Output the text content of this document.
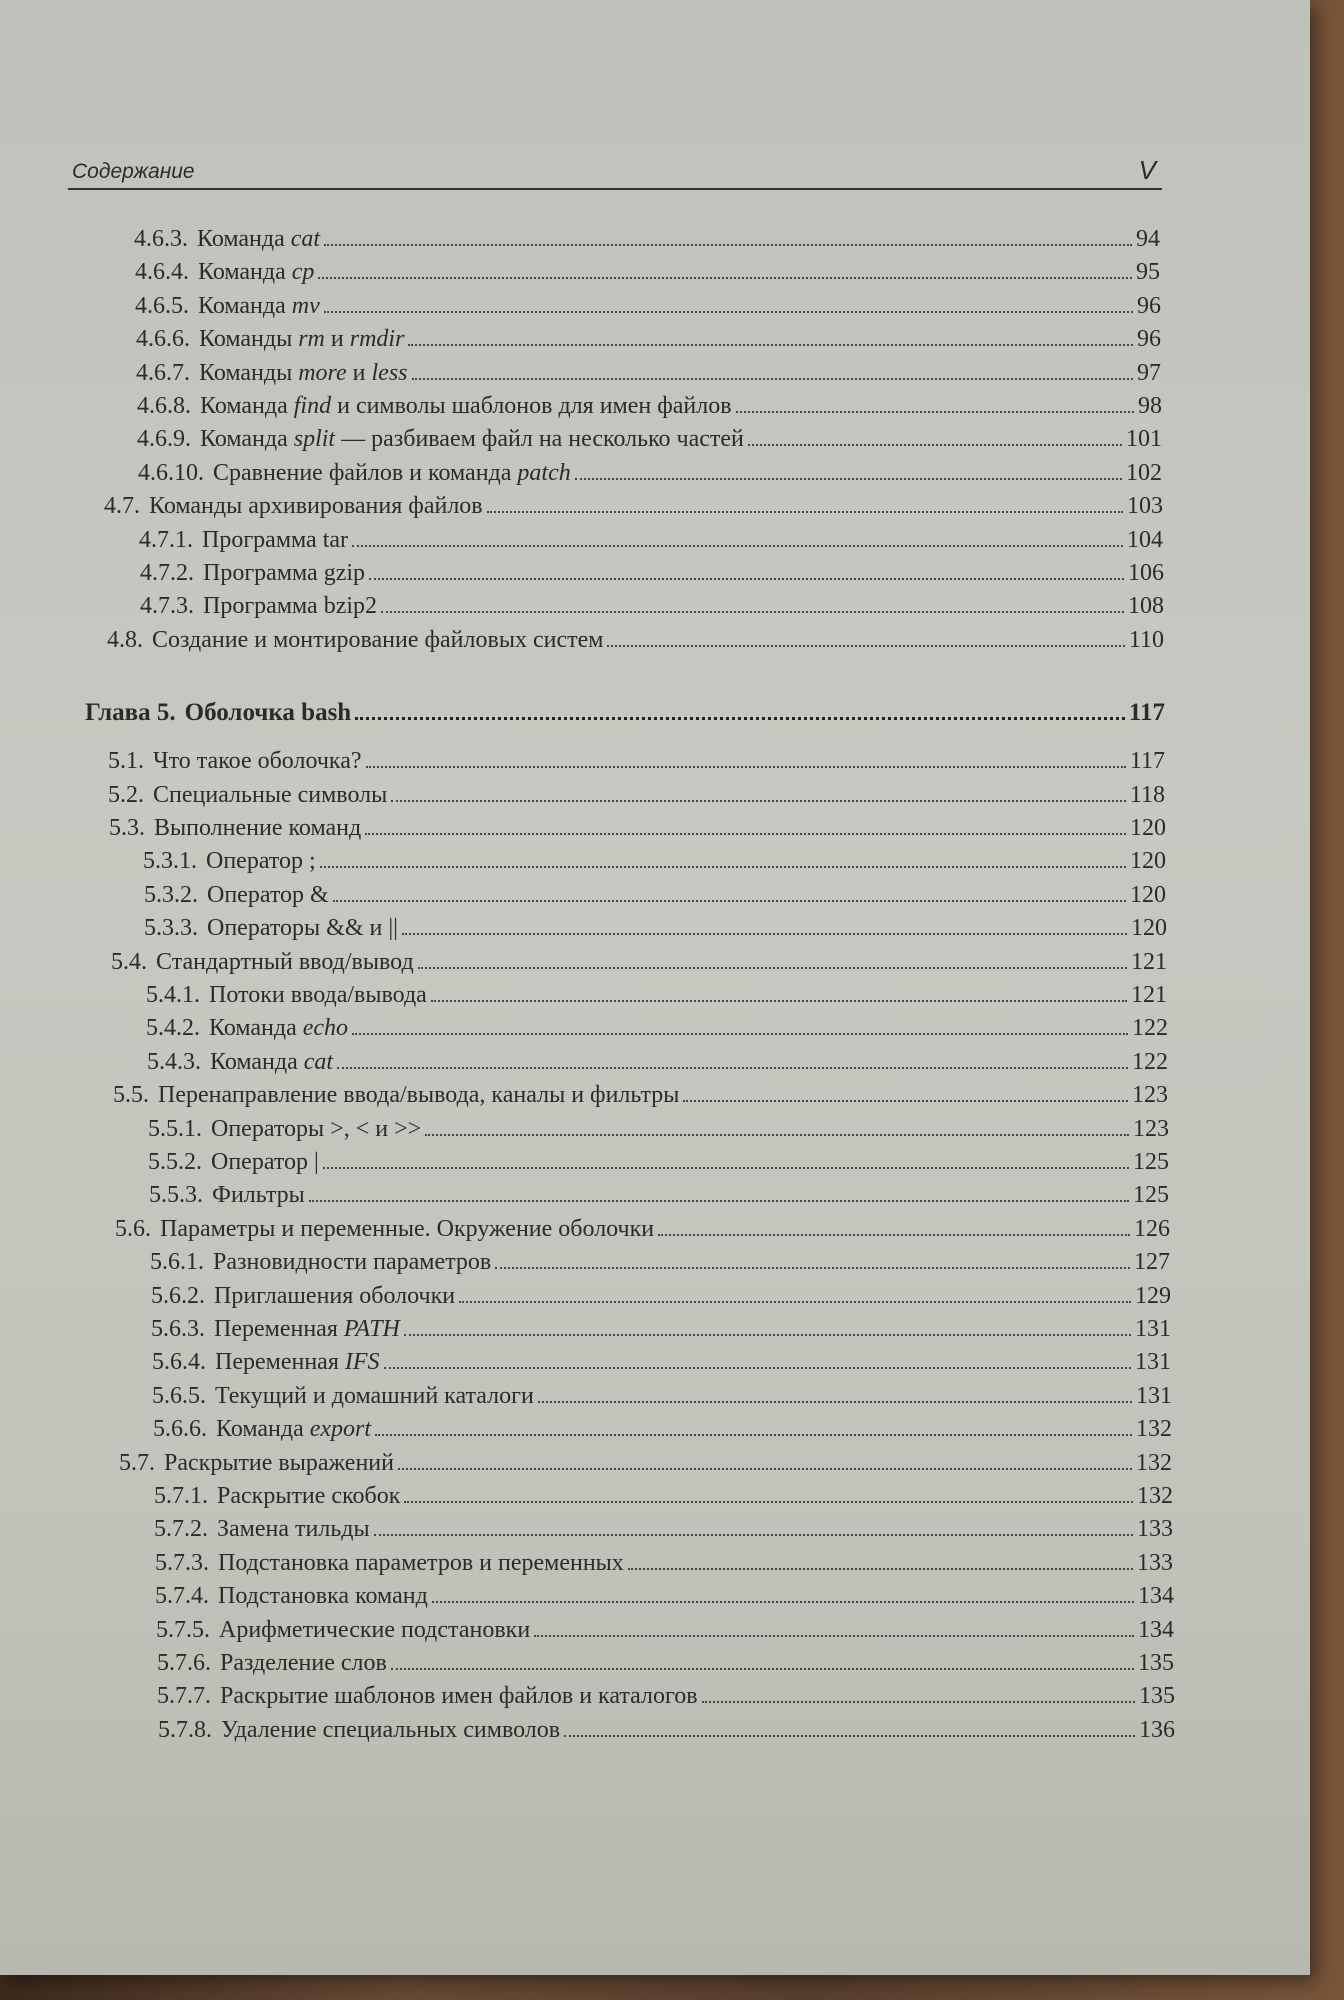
Содержание	V
4.6.3. Команда cat	94
4.6.4. Команда cp	95
4.6.5. Команда mv	96
4.6.6. Команды rm и rmdir	96
4.6.7. Команды more и less	97
4.6.8. Команда find и символы шаблонов для имен файлов	98
4.6.9. Команда split — разбиваем файл на несколько частей	101
4.6.10. Сравнение файлов и команда patch	102
4.7. Команды архивирования файлов	103
4.7.1. Программа tar	104
4.7.2. Программа gzip	106
4.7.3. Программа bzip2	108
4.8. Создание и монтирование файловых систем	110
Глава 5. Оболочка bash	117
5.1. Что такое оболочка?	117
5.2. Специальные символы	118
5.3. Выполнение команд	120
5.3.1. Оператор ;	120
5.3.2. Оператор &	120
5.3.3. Операторы && и ||	120
5.4. Стандартный ввод/вывод	121
5.4.1. Потоки ввода/вывода	121
5.4.2. Команда echo	122
5.4.3. Команда cat	122
5.5. Перенаправление ввода/вывода, каналы и фильтры	123
5.5.1. Операторы >, < и >>	123
5.5.2. Оператор |	125
5.5.3. Фильтры	125
5.6. Параметры и переменные. Окружение оболочки	126
5.6.1. Разновидности параметров	127
5.6.2. Приглашения оболочки	129
5.6.3. Переменная PATH	131
5.6.4. Переменная IFS	131
5.6.5. Текущий и домашний каталоги	131
5.6.6. Команда export	132
5.7. Раскрытие выражений	132
5.7.1. Раскрытие скобок	132
5.7.2. Замена тильды	133
5.7.3. Подстановка параметров и переменных	133
5.7.4. Подстановка команд	134
5.7.5. Арифметические подстановки	134
5.7.6. Разделение слов	135
5.7.7. Раскрытие шаблонов имен файлов и каталогов	135
5.7.8. Удаление специальных символов	136
